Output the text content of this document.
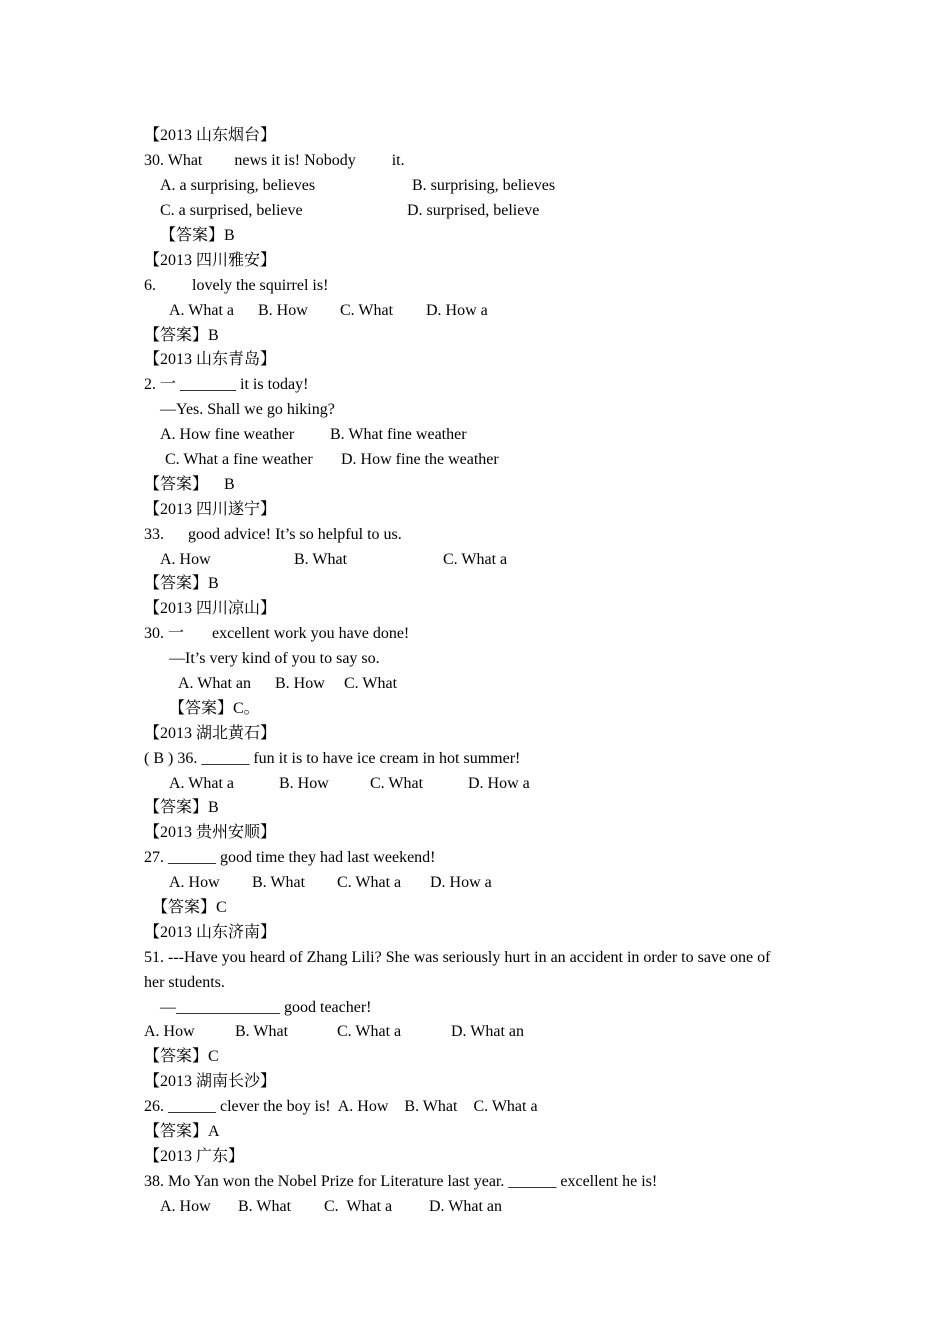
【2013 山东烟台】
30. What        news it is! Nobody         it.
A. a surprising, believes	B. surprising, believes
C. a surprised, believe	D. surprised, believe
【答案】B
【2013 四川雅安】
6.         lovely the squirrel is!
A. What a B. How C. What D. How a
【答案】B
【2013 山东青岛】
2. 一 _______ it is today!
—Yes. Shall we go hiking?
A. How fine weather B. What fine weather
C. What a fine weather D. How fine the weather
【答案】    B
【2013 四川遂宁】
33.      good advice! It’s so helpful to us.
A. How	B. What	C. What a
【答案】B
【2013 四川凉山】
30. 一       excellent work you have done!
—It’s very kind of you to say so.
A. What an B. How C. What
【答案】C。
【2013 湖北黄石】
( B ) 36. ______ fun it is to have ice cream in hot summer!
A. What a	B. How	C. What	D. How a
【答案】B
【2013 贵州安顺】
27. ______ good time they had last weekend!
A. How B. What C. What a D. How a
【答案】C
【2013 山东济南】
51. ---Have you heard of Zhang Lili? She was seriously hurt in an accident in order to save one of
her students.
—_____________ good teacher!
A. How	B. What	C. What a	D. What an
【答案】C
【2013 湖南长沙】
26. ______ clever the boy is!  A. How    B. What    C. What a
【答案】A
【2013 广东】
38. Mo Yan won the Nobel Prize for Literature last year. ______ excellent he is!
A. How B. What C.  What a D. What an
